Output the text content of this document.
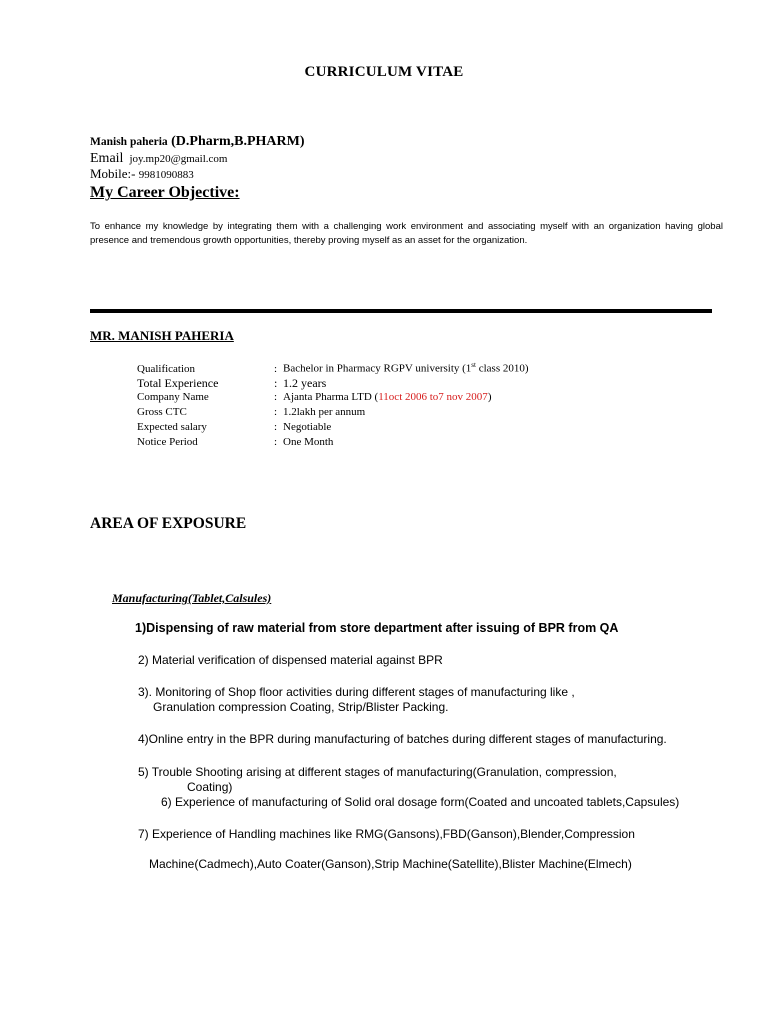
CURRICULUM VITAE
Manish paheria (D.Pharm,B.PHARM)
Email joy.mp20@gmail.com
Mobile:- 9981090883
My Career Objective:
To enhance my knowledge by integrating them with a challenging work environment and associating myself with an organization having global presence and tremendous growth opportunities, thereby proving myself as an asset for the organization.
MR. MANISH PAHERIA
Qualification	: Bachelor in Pharmacy RGPV university (1st class 2010)
Total Experience	: 1.2 years
Company Name	: Ajanta Pharma LTD (11oct 2006 to7 nov 2007)
Gross CTC	: 1.2lakh per annum
Expected salary	: Negotiable
Notice Period	: One Month
AREA OF EXPOSURE
Manufacturing(Tablet,Calsules)
1)Dispensing of raw material from store department after issuing of BPR from QA
2) Material verification of dispensed material against BPR
3). Monitoring of Shop floor activities during different stages of manufacturing like ,
Granulation compression Coating, Strip/Blister Packing.
4)Online entry in the BPR during manufacturing of batches during different stages of manufacturing.
5) Trouble Shooting arising at different stages of manufacturing(Granulation, compression,
Coating)
6) Experience of manufacturing of Solid oral dosage form(Coated and uncoated tablets,Capsules)
7) Experience of Handling machines like RMG(Gansons),FBD(Ganson),Blender,Compression
Machine(Cadmech),Auto Coater(Ganson),Strip Machine(Satellite),Blister Machine(Elmech)
